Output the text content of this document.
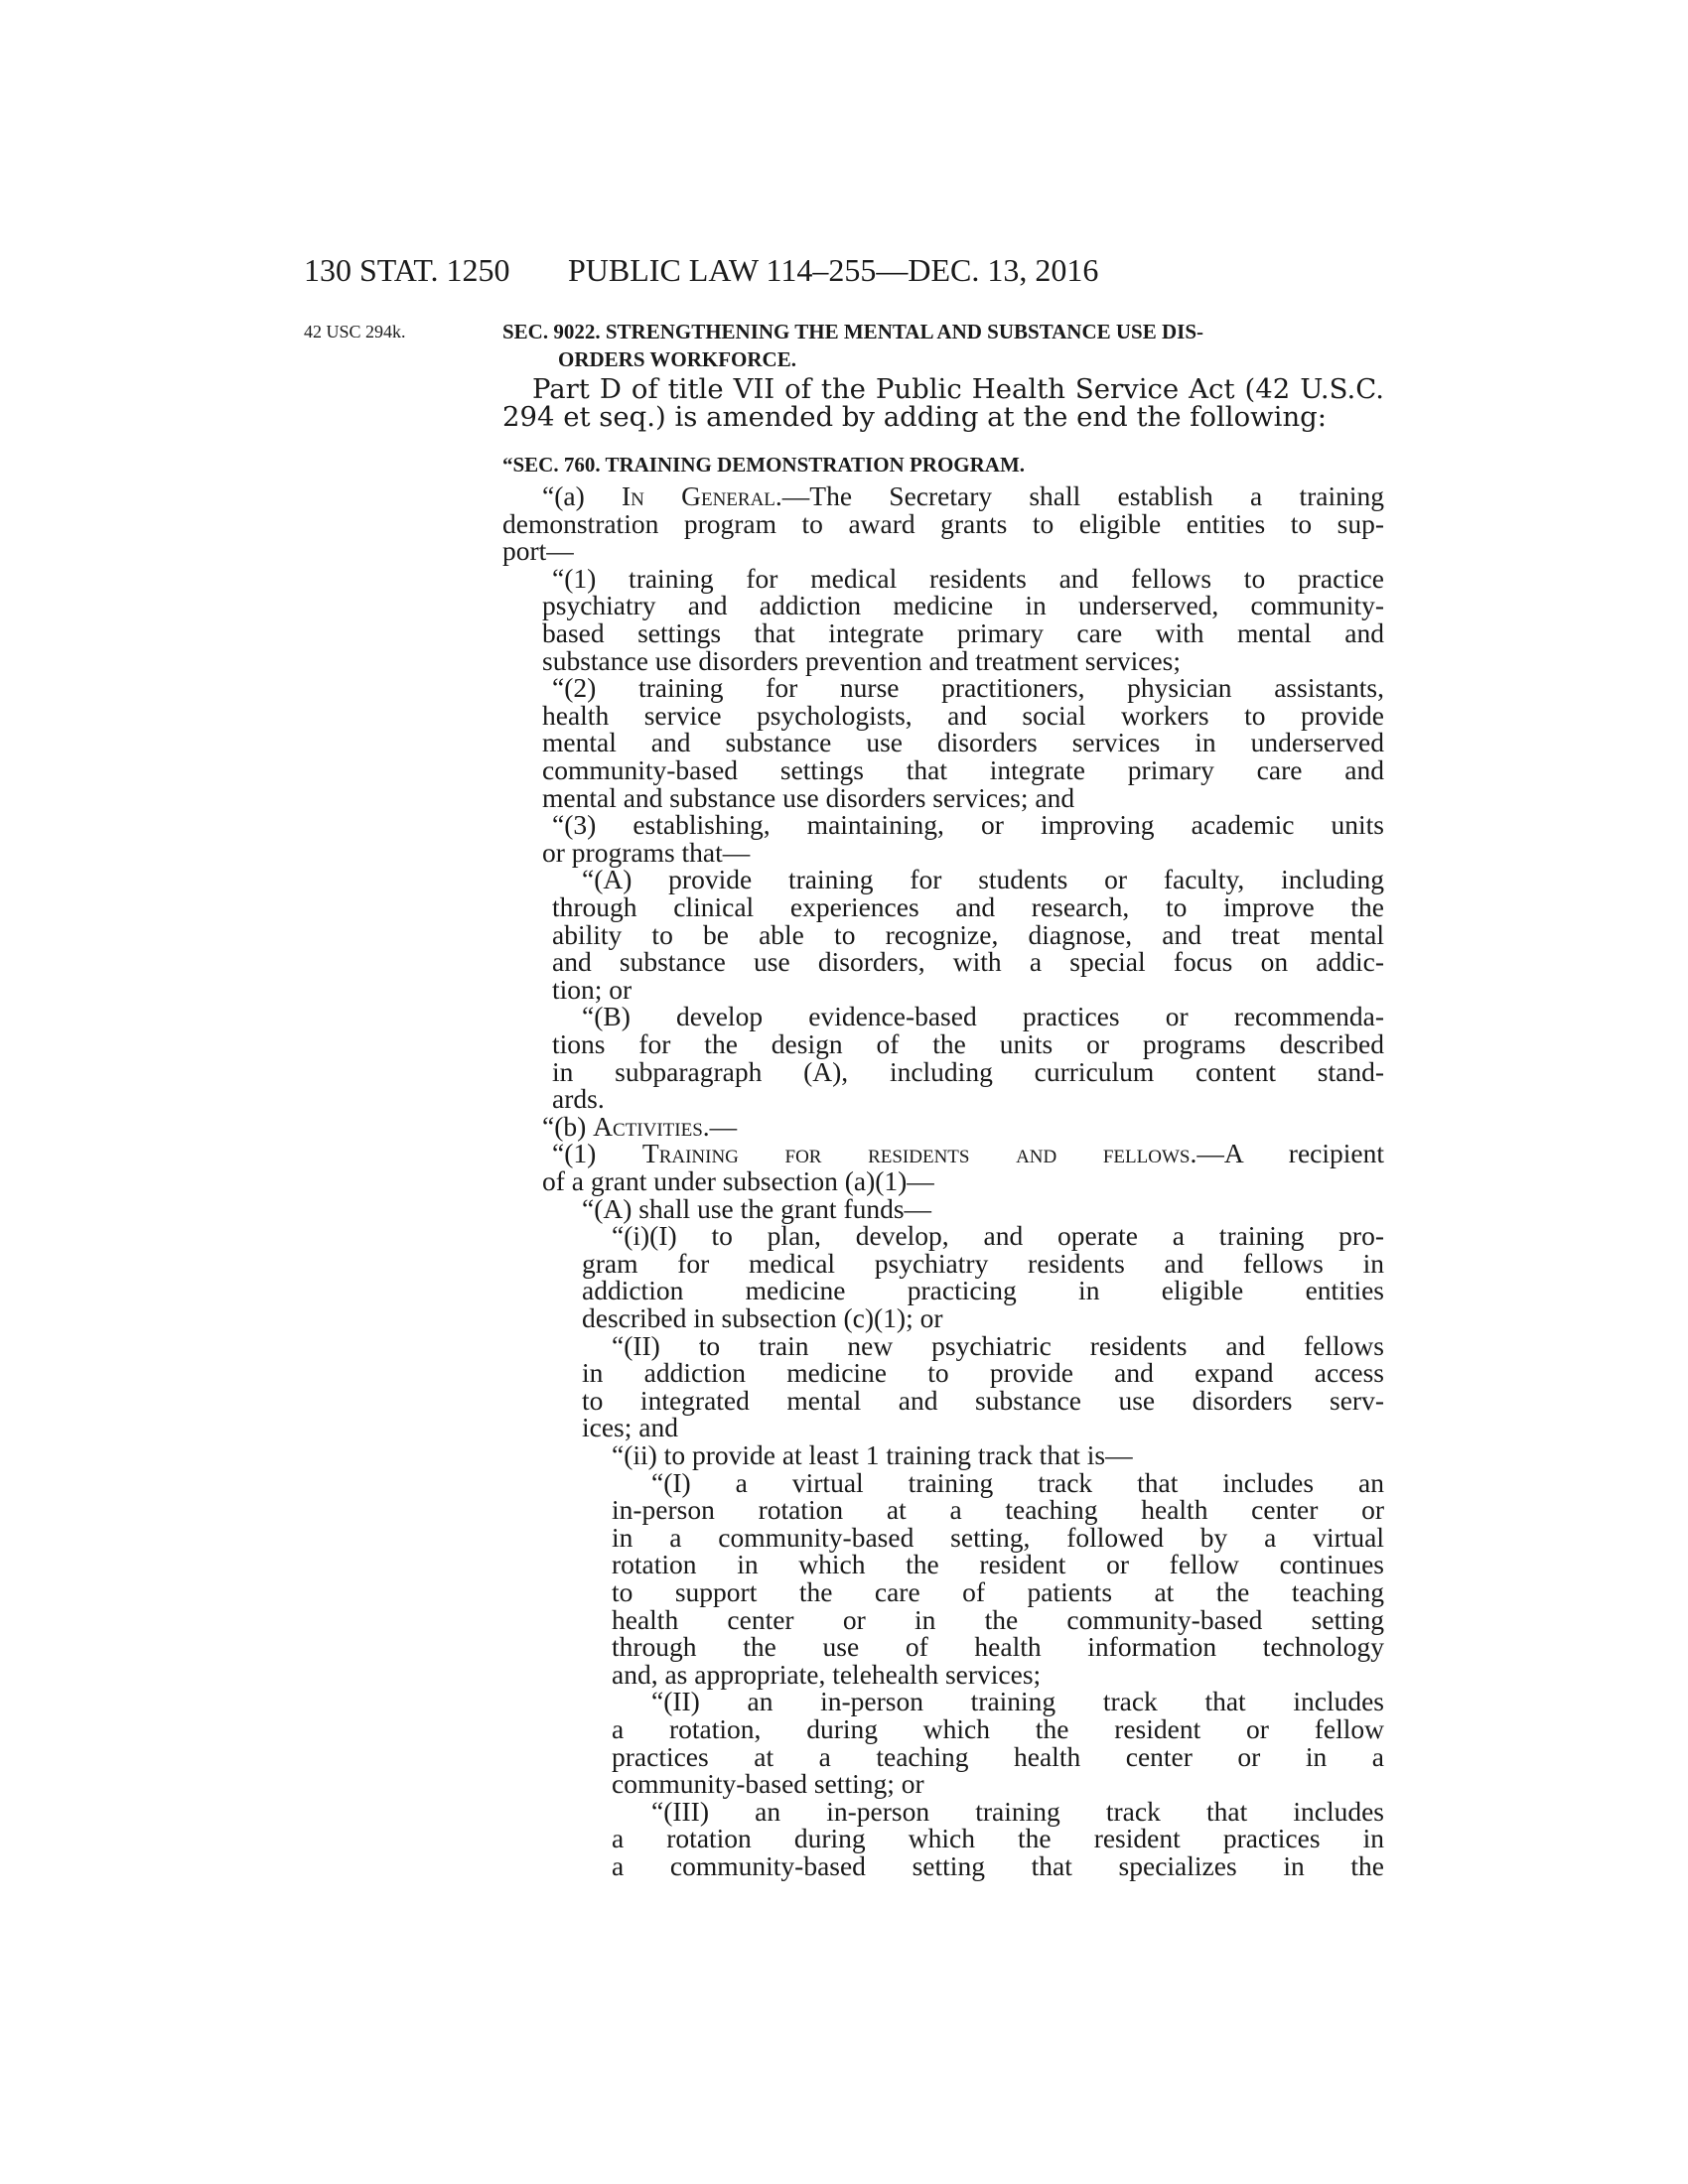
130 STAT. 1250 PUBLIC LAW 114–255—DEC. 13, 2016
42 USC 294k.	SEC. 9022. STRENGTHENING THE MENTAL AND SUBSTANCE USE DIS-
ORDERS WORKFORCE.
Part D of title VII of the Public Health Service Act (42 U.S.C.
294 et seq.) is amended by adding at the end the following:
“SEC. 760. TRAINING DEMONSTRATION PROGRAM.
“(a) In General.—The Secretary shall establish a training
demonstration program to award grants to eligible entities to sup-
port—
“(1) training for medical residents and fellows to practice
psychiatry and addiction medicine in underserved, community-
based settings that integrate primary care with mental and
substance use disorders prevention and treatment services;
“(2) training for nurse practitioners, physician assistants,
health service psychologists, and social workers to provide
mental and substance use disorders services in underserved
community-based settings that integrate primary care and
mental and substance use disorders services; and
“(3) establishing, maintaining, or improving academic units
or programs that—
“(A) provide training for students or faculty, including
through clinical experiences and research, to improve the
ability to be able to recognize, diagnose, and treat mental
and substance use disorders, with a special focus on addic-
tion; or
“(B) develop evidence-based practices or recommenda-
tions for the design of the units or programs described
in subparagraph (A), including curriculum content stand-
ards.
“(b) Activities.—
“(1) Training for residents and fellows.—A recipient
of a grant under subsection (a)(1)—
“(A) shall use the grant funds—
“(i)(I) to plan, develop, and operate a training pro-
gram for medical psychiatry residents and fellows in
addiction medicine practicing in eligible entities
described in subsection (c)(1); or
“(II) to train new psychiatric residents and fellows
in addiction medicine to provide and expand access
to integrated mental and substance use disorders serv-
ices; and
“(ii) to provide at least 1 training track that is—
“(I) a virtual training track that includes an
in-person rotation at a teaching health center or
in a community-based setting, followed by a virtual
rotation in which the resident or fellow continues
to support the care of patients at the teaching
health center or in the community-based setting
through the use of health information technology
and, as appropriate, telehealth services;
“(II) an in-person training track that includes
a rotation, during which the resident or fellow
practices at a teaching health center or in a
community-based setting; or
“(III) an in-person training track that includes
a rotation during which the resident practices in
a community-based setting that specializes in the
